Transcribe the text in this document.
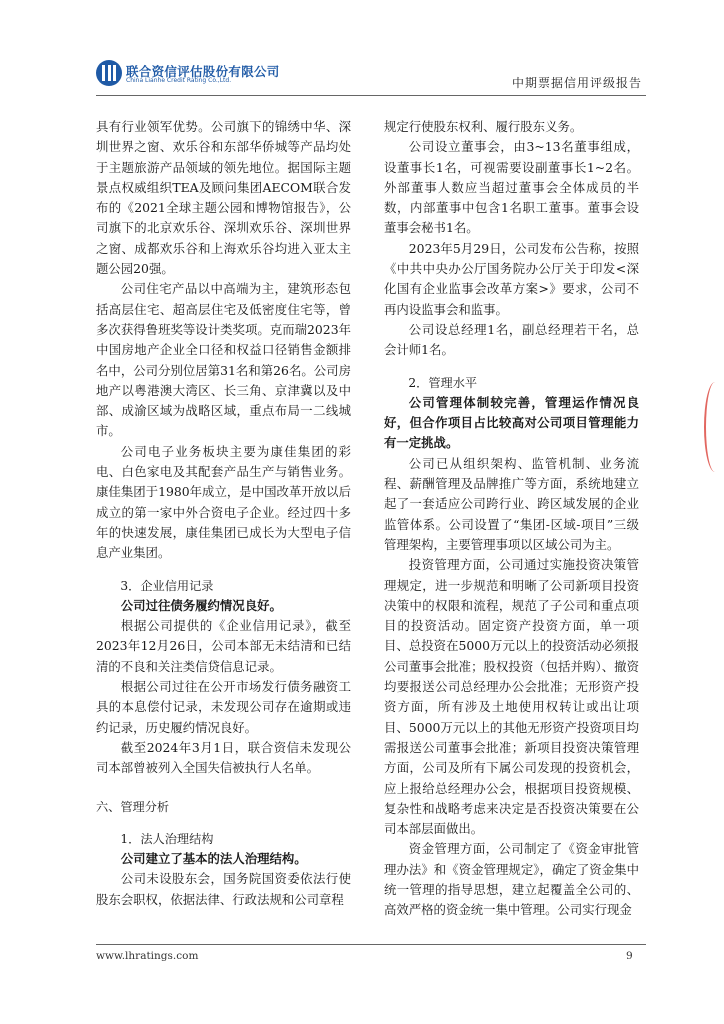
联合资信评估股份有限公司
China Lianhe Credit Rating Co.,Ltd.	中期票据信用评级报告

具有行业领军优势。公司旗下的锦绣中华、深圳世界之窗、欢乐谷和东部华侨城等产品均处于主题旅游产品领域的领先地位。据国际主题景点权威组织TEA及顾问集团AECOM联合发布的《2021全球主题公园和博物馆报告》，公司旗下的北京欢乐谷、深圳欢乐谷、深圳世界之窗、成都欢乐谷和上海欢乐谷均进入亚太主题公园20强。

公司住宅产品以中高端为主，建筑形态包括高层住宅、超高层住宅及低密度住宅等，曾多次获得鲁班奖等设计类奖项。克而瑞2023年中国房地产企业全口径和权益口径销售金额排名中，公司分别位居第31名和第26名。公司房地产以粤港澳大湾区、长三角、京津冀以及中部、成渝区域为战略区域，重点布局一二线城市。

公司电子业务板块主要为康佳集团的彩电、白色家电及其配套产品生产与销售业务。康佳集团于1980年成立，是中国改革开放以后成立的第一家中外合资电子企业。经过四十多年的快速发展，康佳集团已成长为大型电子信息产业集团。

3．企业信用记录

公司过往债务履约情况良好。

根据公司提供的《企业信用记录》，截至2023年12月26日，公司本部无未结清和已结清的不良和关注类信贷信息记录。

根据公司过往在公开市场发行债务融资工具的本息偿付记录，未发现公司存在逾期或违约记录，历史履约情况良好。

截至2024年3月1日，联合资信未发现公司本部曾被列入全国失信被执行人名单。

六、管理分析

1．法人治理结构

公司建立了基本的法人治理结构。

公司未设股东会，国务院国资委依法行使股东会职权，依据法律、行政法规和公司章程

规定行使股东权利、履行股东义务。

公司设立董事会，由3~13名董事组成，设董事长1名，可视需要设副董事长1~2名。外部董事人数应当超过董事会全体成员的半数，内部董事中包含1名职工董事。董事会设董事会秘书1名。

2023年5月29日，公司发布公告称，按照《中共中央办公厅国务院办公厅关于印发<深化国有企业监事会改革方案>》要求，公司不再内设监事会和监事。

公司设总经理1名，副总经理若干名，总会计师1名。

2．管理水平

公司管理体制较完善，管理运作情况良好，但合作项目占比较高对公司项目管理能力有一定挑战。

公司已从组织架构、监管机制、业务流程、薪酬管理及品牌推广等方面，系统地建立起了一套适应公司跨行业、跨区域发展的企业监管体系。公司设置了“集团-区域-项目”三级管理架构，主要管理事项以区域公司为主。

投资管理方面，公司通过实施投资决策管理规定，进一步规范和明晰了公司新项目投资决策中的权限和流程，规范了子公司和重点项目的投资活动。固定资产投资方面，单一项目、总投资在5000万元以上的投资活动必须报公司董事会批准；股权投资（包括并购）、撤资均要报送公司总经理办公会批准；无形资产投资方面，所有涉及土地使用权转让或出让项目、5000万元以上的其他无形资产投资项目均需报送公司董事会批准；新项目投资决策管理方面，公司及所有下属公司发现的投资机会，应上报给总经理办公会，根据项目投资规模、复杂性和战略考虑来决定是否投资决策要在公司本部层面做出。

资金管理方面，公司制定了《资金审批管理办法》和《资金管理规定》，确定了资金集中统一管理的指导思想，建立起覆盖全公司的、高效严格的资金统一集中管理。公司实行现金

www.lhratings.com	9
